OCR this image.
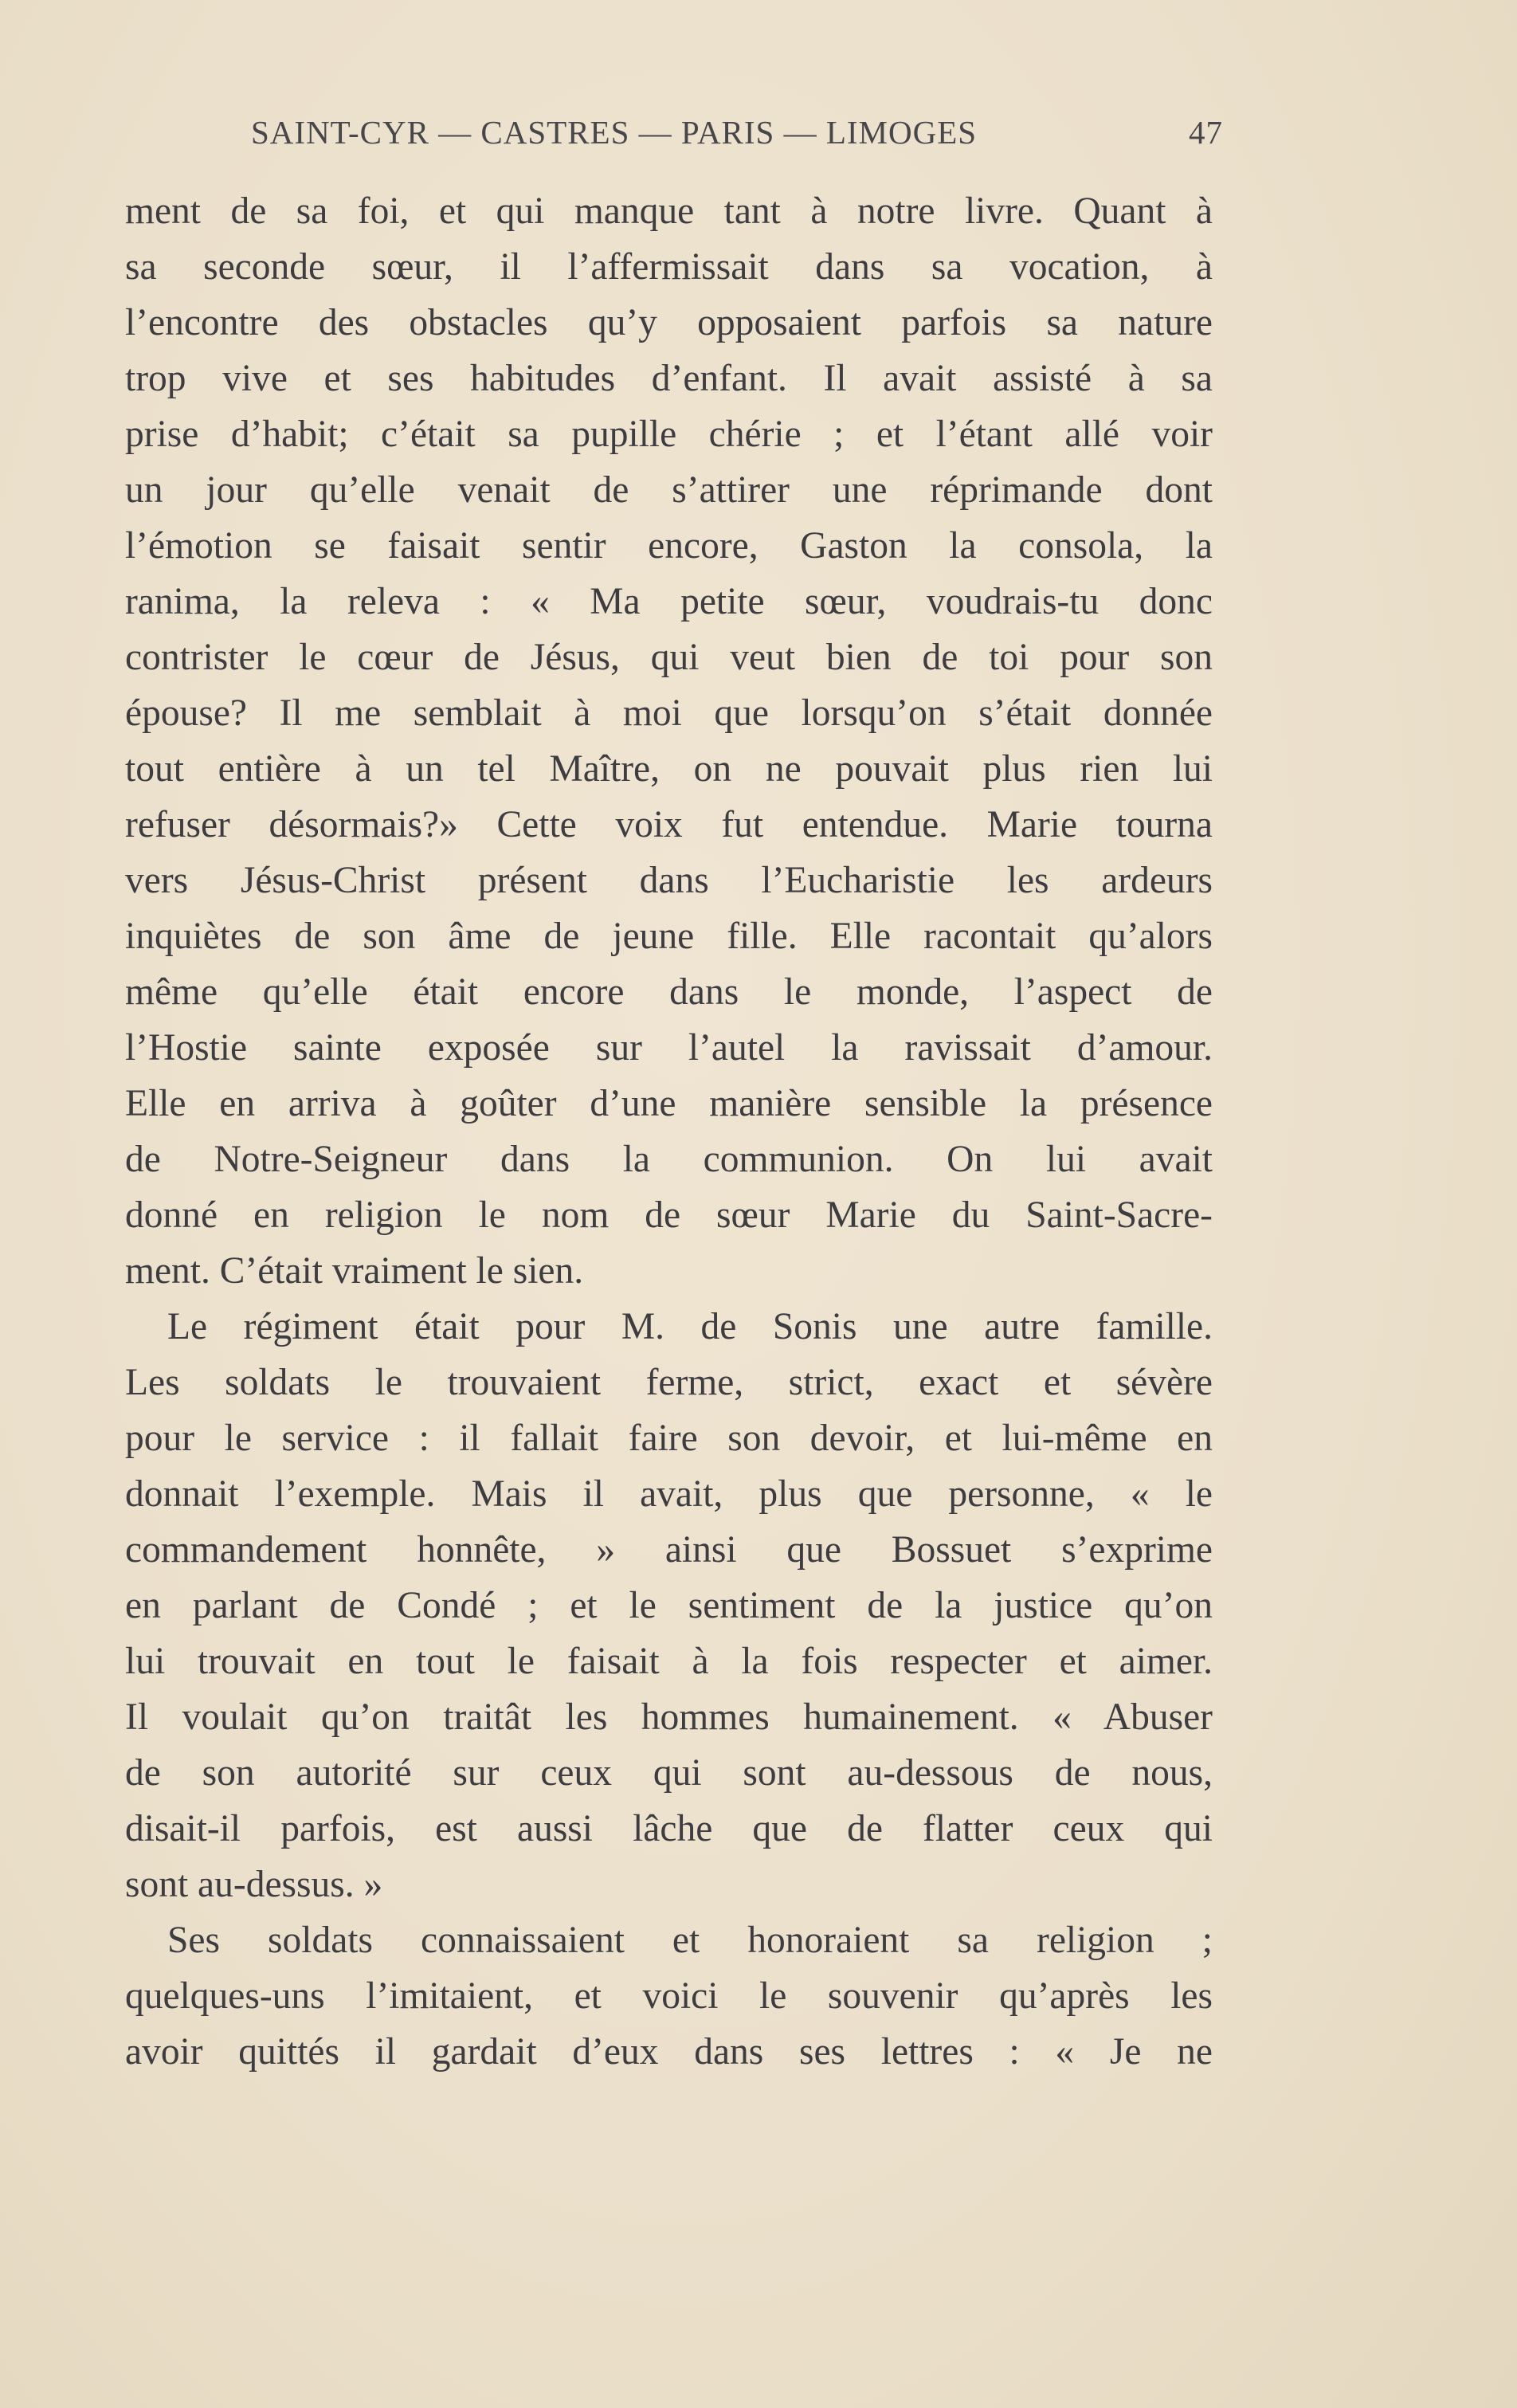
SAINT-CYR — CASTRES — PARIS — LIMOGES	47
ment de sa foi, et qui manque tant à notre livre. Quant à
sa seconde sœur, il l’affermissait dans sa vocation, à
l’encontre des obstacles qu’y opposaient parfois sa nature
trop vive et ses habitudes d’enfant. Il avait assisté à sa
prise d’habit; c’était sa pupille chérie ; et l’étant allé voir
un jour qu’elle venait de s’attirer une réprimande dont
l’émotion se faisait sentir encore, Gaston la consola, la
ranima, la releva : « Ma petite sœur, voudrais-tu donc
contrister le cœur de Jésus, qui veut bien de toi pour son
épouse? Il me semblait à moi que lorsqu’on s’était donnée
tout entière à un tel Maître, on ne pouvait plus rien lui
refuser désormais?» Cette voix fut entendue. Marie tourna
vers Jésus-Christ présent dans l’Eucharistie les ardeurs
inquiètes de son âme de jeune fille. Elle racontait qu’alors
même qu’elle était encore dans le monde, l’aspect de
l’Hostie sainte exposée sur l’autel la ravissait d’amour.
Elle en arriva à goûter d’une manière sensible la présence
de Notre-Seigneur dans la communion. On lui avait
donné en religion le nom de sœur Marie du Saint-Sacre-
ment. C’était vraiment le sien.
Le régiment était pour M. de Sonis une autre famille.
Les soldats le trouvaient ferme, strict, exact et sévère
pour le service : il fallait faire son devoir, et lui-même en
donnait l’exemple. Mais il avait, plus que personne, « le
commandement honnête, » ainsi que Bossuet s’exprime
en parlant de Condé ; et le sentiment de la justice qu’on
lui trouvait en tout le faisait à la fois respecter et aimer.
Il voulait qu’on traitât les hommes humainement. « Abuser
de son autorité sur ceux qui sont au-dessous de nous,
disait-il parfois, est aussi lâche que de flatter ceux qui
sont au-dessus. »
Ses soldats connaissaient et honoraient sa religion ;
quelques-uns l’imitaient, et voici le souvenir qu’après les
avoir quittés il gardait d’eux dans ses lettres : « Je ne
